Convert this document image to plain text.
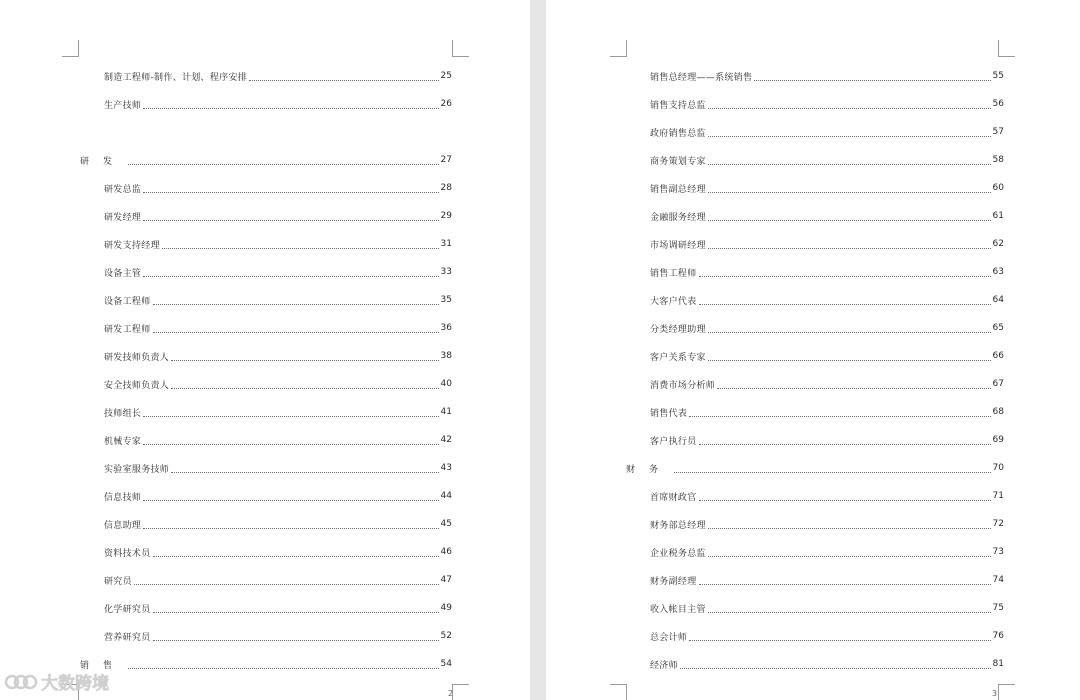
制造工程师-制作、计划、程序安排	25
生产技师	26
研发	27
研发总监	28
研发经理	29
研发支持经理	31
设备主管	33
设备工程师	35
研发工程师	36
研发技师负责人	38
安全技师负责人	40
技师组长	41
机械专家	42
实验室服务技师	43
信息技师	44
信息助理	45
资料技术员	46
研究员	47
化学研究员	49
营养研究员	52
销售	54
2
销售总经理——系统销售	55
销售支持总监	56
政府销售总监	57
商务策划专家	58
销售副总经理	60
金融服务经理	61
市场调研经理	62
销售工程师	63
大客户代表	64
分类经理助理	65
客户关系专家	66
消费市场分析师	67
销售代表	68
客户执行员	69
财务	70
首席财政官	71
财务部总经理	72
企业税务总监	73
财务副经理	74
收入帐目主管	75
总会计师	76
经济师	81
3
大数跨境
